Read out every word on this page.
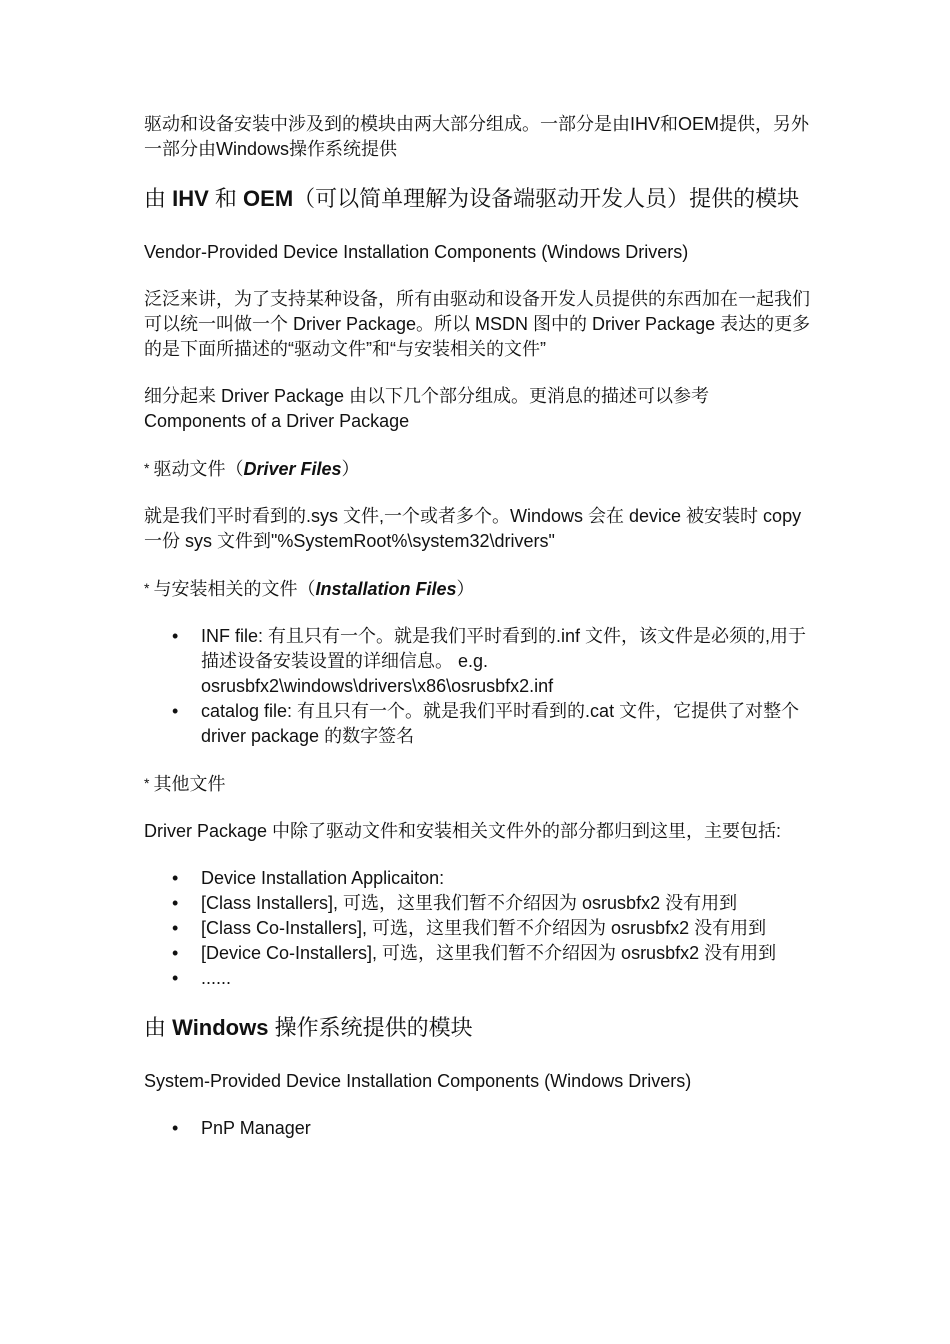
驱动和设备安装中涉及到的模块由两大部分组成。一部分是由IHV和OEM提供，另外一部分由Windows操作系统提供

由 IHV 和 OEM（可以简单理解为设备端驱动开发人员）提供的模块

Vendor-Provided Device Installation Components (Windows Drivers)

泛泛来讲，为了支持某种设备，所有由驱动和设备开发人员提供的东西加在一起我们可以统一叫做一个 Driver Package。所以 MSDN 图中的 Driver Package 表达的更多的是下面所描述的“驱动文件”和“与安装相关的文件”

细分起来 Driver Package 由以下几个部分组成。更消息的描述可以参考 Components of a Driver Package

* 驱动文件（Driver Files）

就是我们平时看到的.sys 文件,一个或者多个。Windows 会在 device 被安装时 copy 一份 sys 文件到"%SystemRoot%\system32\drivers"

* 与安装相关的文件（Installation Files）
• INF file: 有且只有一个。就是我们平时看到的.inf 文件，该文件是必须的,用于描述设备安装设置的详细信息。 e.g. osrusbfx2\windows\drivers\x86\osrusbfx2.inf
• catalog file: 有且只有一个。就是我们平时看到的.cat 文件，它提供了对整个 driver package 的数字签名
* 其他文件

Driver Package 中除了驱动文件和安装相关文件外的部分都归到这里，主要包括:

• Device Installation Applicaiton:
• [Class Installers], 可选，这里我们暂不介绍因为 osrusbfx2 没有用到
• [Class Co-Installers], 可选，这里我们暂不介绍因为 osrusbfx2 没有用到
• [Device Co-Installers], 可选，这里我们暂不介绍因为 osrusbfx2 没有用到
• ......
由 Windows 操作系统提供的模块

System-Provided Device Installation Components (Windows Drivers)

• PnP Manager
